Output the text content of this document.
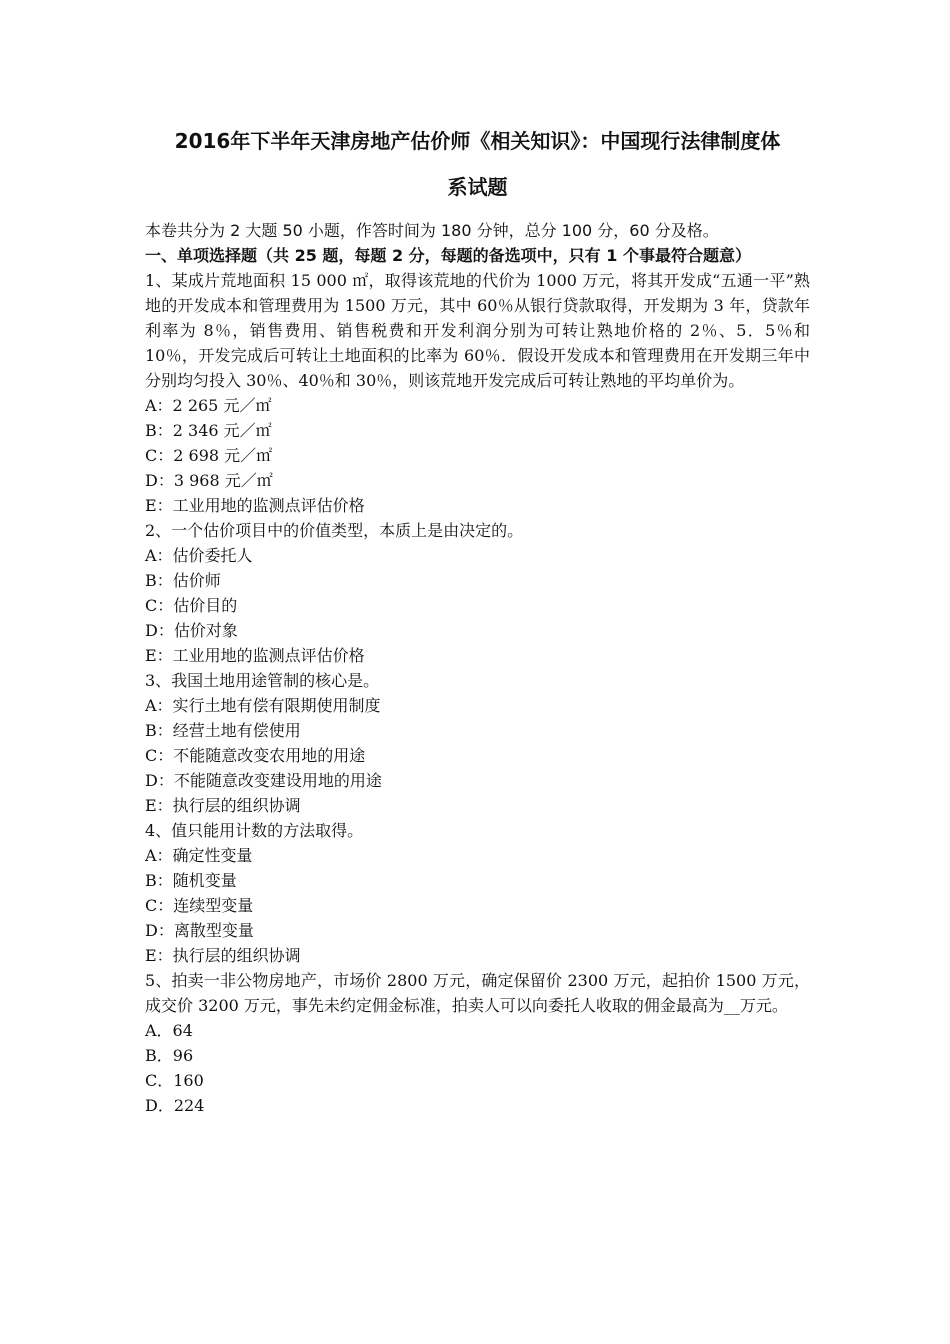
2016年下半年天津房地产估价师《相关知识》：中国现行法律制度体

系试题

本卷共分为 2 大题 50 小题，作答时间为 180 分钟，总分 100 分，60 分及格。

一、单项选择题（共 25 题，每题 2 分，每题的备选项中，只有 1 个事最符合题意）

1、某成片荒地面积 15 000 ㎡，取得该荒地的代价为 1000 万元，将其开发成“五通一平”熟地的开发成本和管理费用为 1500 万元，其中 60％从银行贷款取得，开发期为 3 年，贷款年利率为 8％，销售费用、销售税费和开发利润分别为可转让熟地价格的 2％、5．5％和 10％，开发完成后可转让土地面积的比率为 60％．假设开发成本和管理费用在开发期三年中分别均匀投入 30％、40％和 30％，则该荒地开发完成后可转让熟地的平均单价为。

A：2 265 元／㎡

B：2 346 元／㎡

C：2 698 元／㎡

D：3 968 元／㎡

E：工业用地的监测点评估价格

2、一个估价项目中的价值类型，本质上是由决定的。

A：估价委托人

B：估价师

C：估价目的

D：估价对象

E：工业用地的监测点评估价格

3、我国土地用途管制的核心是。

A：实行土地有偿有限期使用制度

B：经营土地有偿使用

C：不能随意改变农用地的用途

D：不能随意改变建设用地的用途

E：执行层的组织协调

4、值只能用计数的方法取得。

A：确定性变量

B：随机变量

C：连续型变量

D：离散型变量

E：执行层的组织协调

5、拍卖一非公物房地产，市场价 2800 万元，确定保留价 2300 万元，起拍价 1500 万元，成交价 3200 万元，事先未约定佣金标准，拍卖人可以向委托人收取的佣金最高为__万元。

A．64

B．96

C．160

D．224
